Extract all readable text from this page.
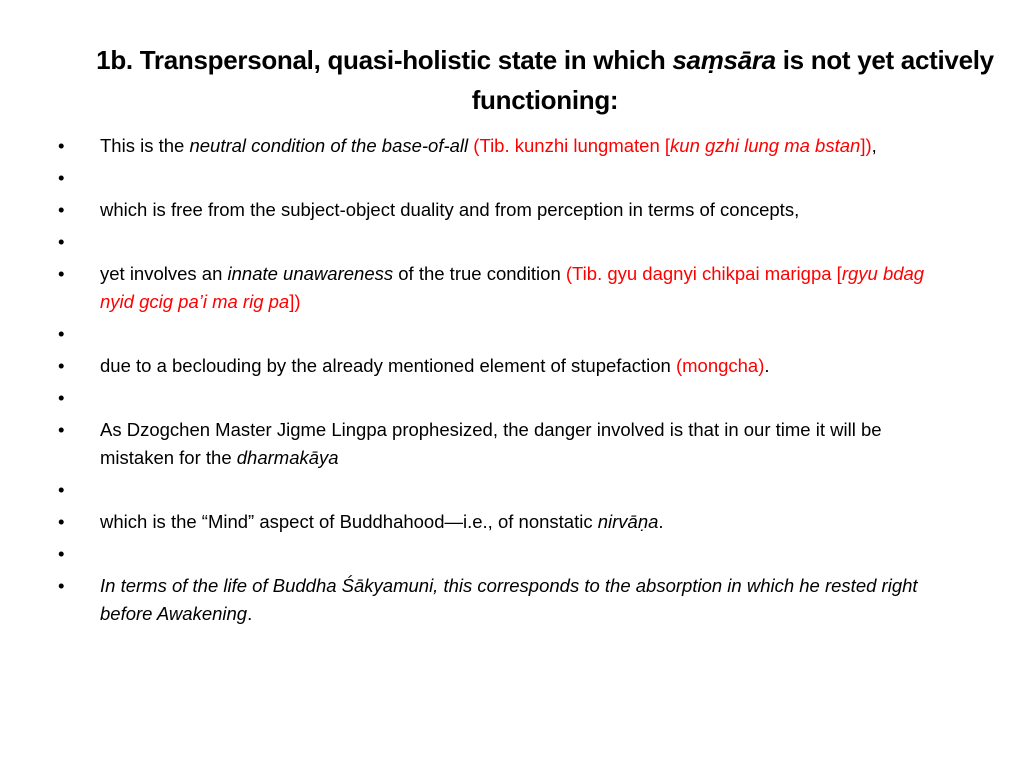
1b. Transpersonal, quasi-holistic state in which saṃsāra is not yet actively functioning:
• This is the neutral condition of the base-of-all (Tib. kunzhi lungmaten [kun gzhi lung ma bstan]),
•
• which is free from the subject-object duality and from perception in terms of concepts,
•
• yet involves an innate unawareness of the true condition (Tib. gyu dagnyi chikpai marigpa [rgyu bdag nyid gcig pa’i ma rig pa])
•
• due to a beclouding by the already mentioned element of stupefaction (mongcha).
•
• As Dzogchen Master Jigme Lingpa prophesized, the danger involved is that in our time it will be mistaken for the dharmakāya
•
• which is the “Mind” aspect of Buddhahood—i.e., of nonstatic nirvāṇa.
•
• In terms of the life of Buddha Śākyamuni, this corresponds to the absorption in which he rested right before Awakening.
